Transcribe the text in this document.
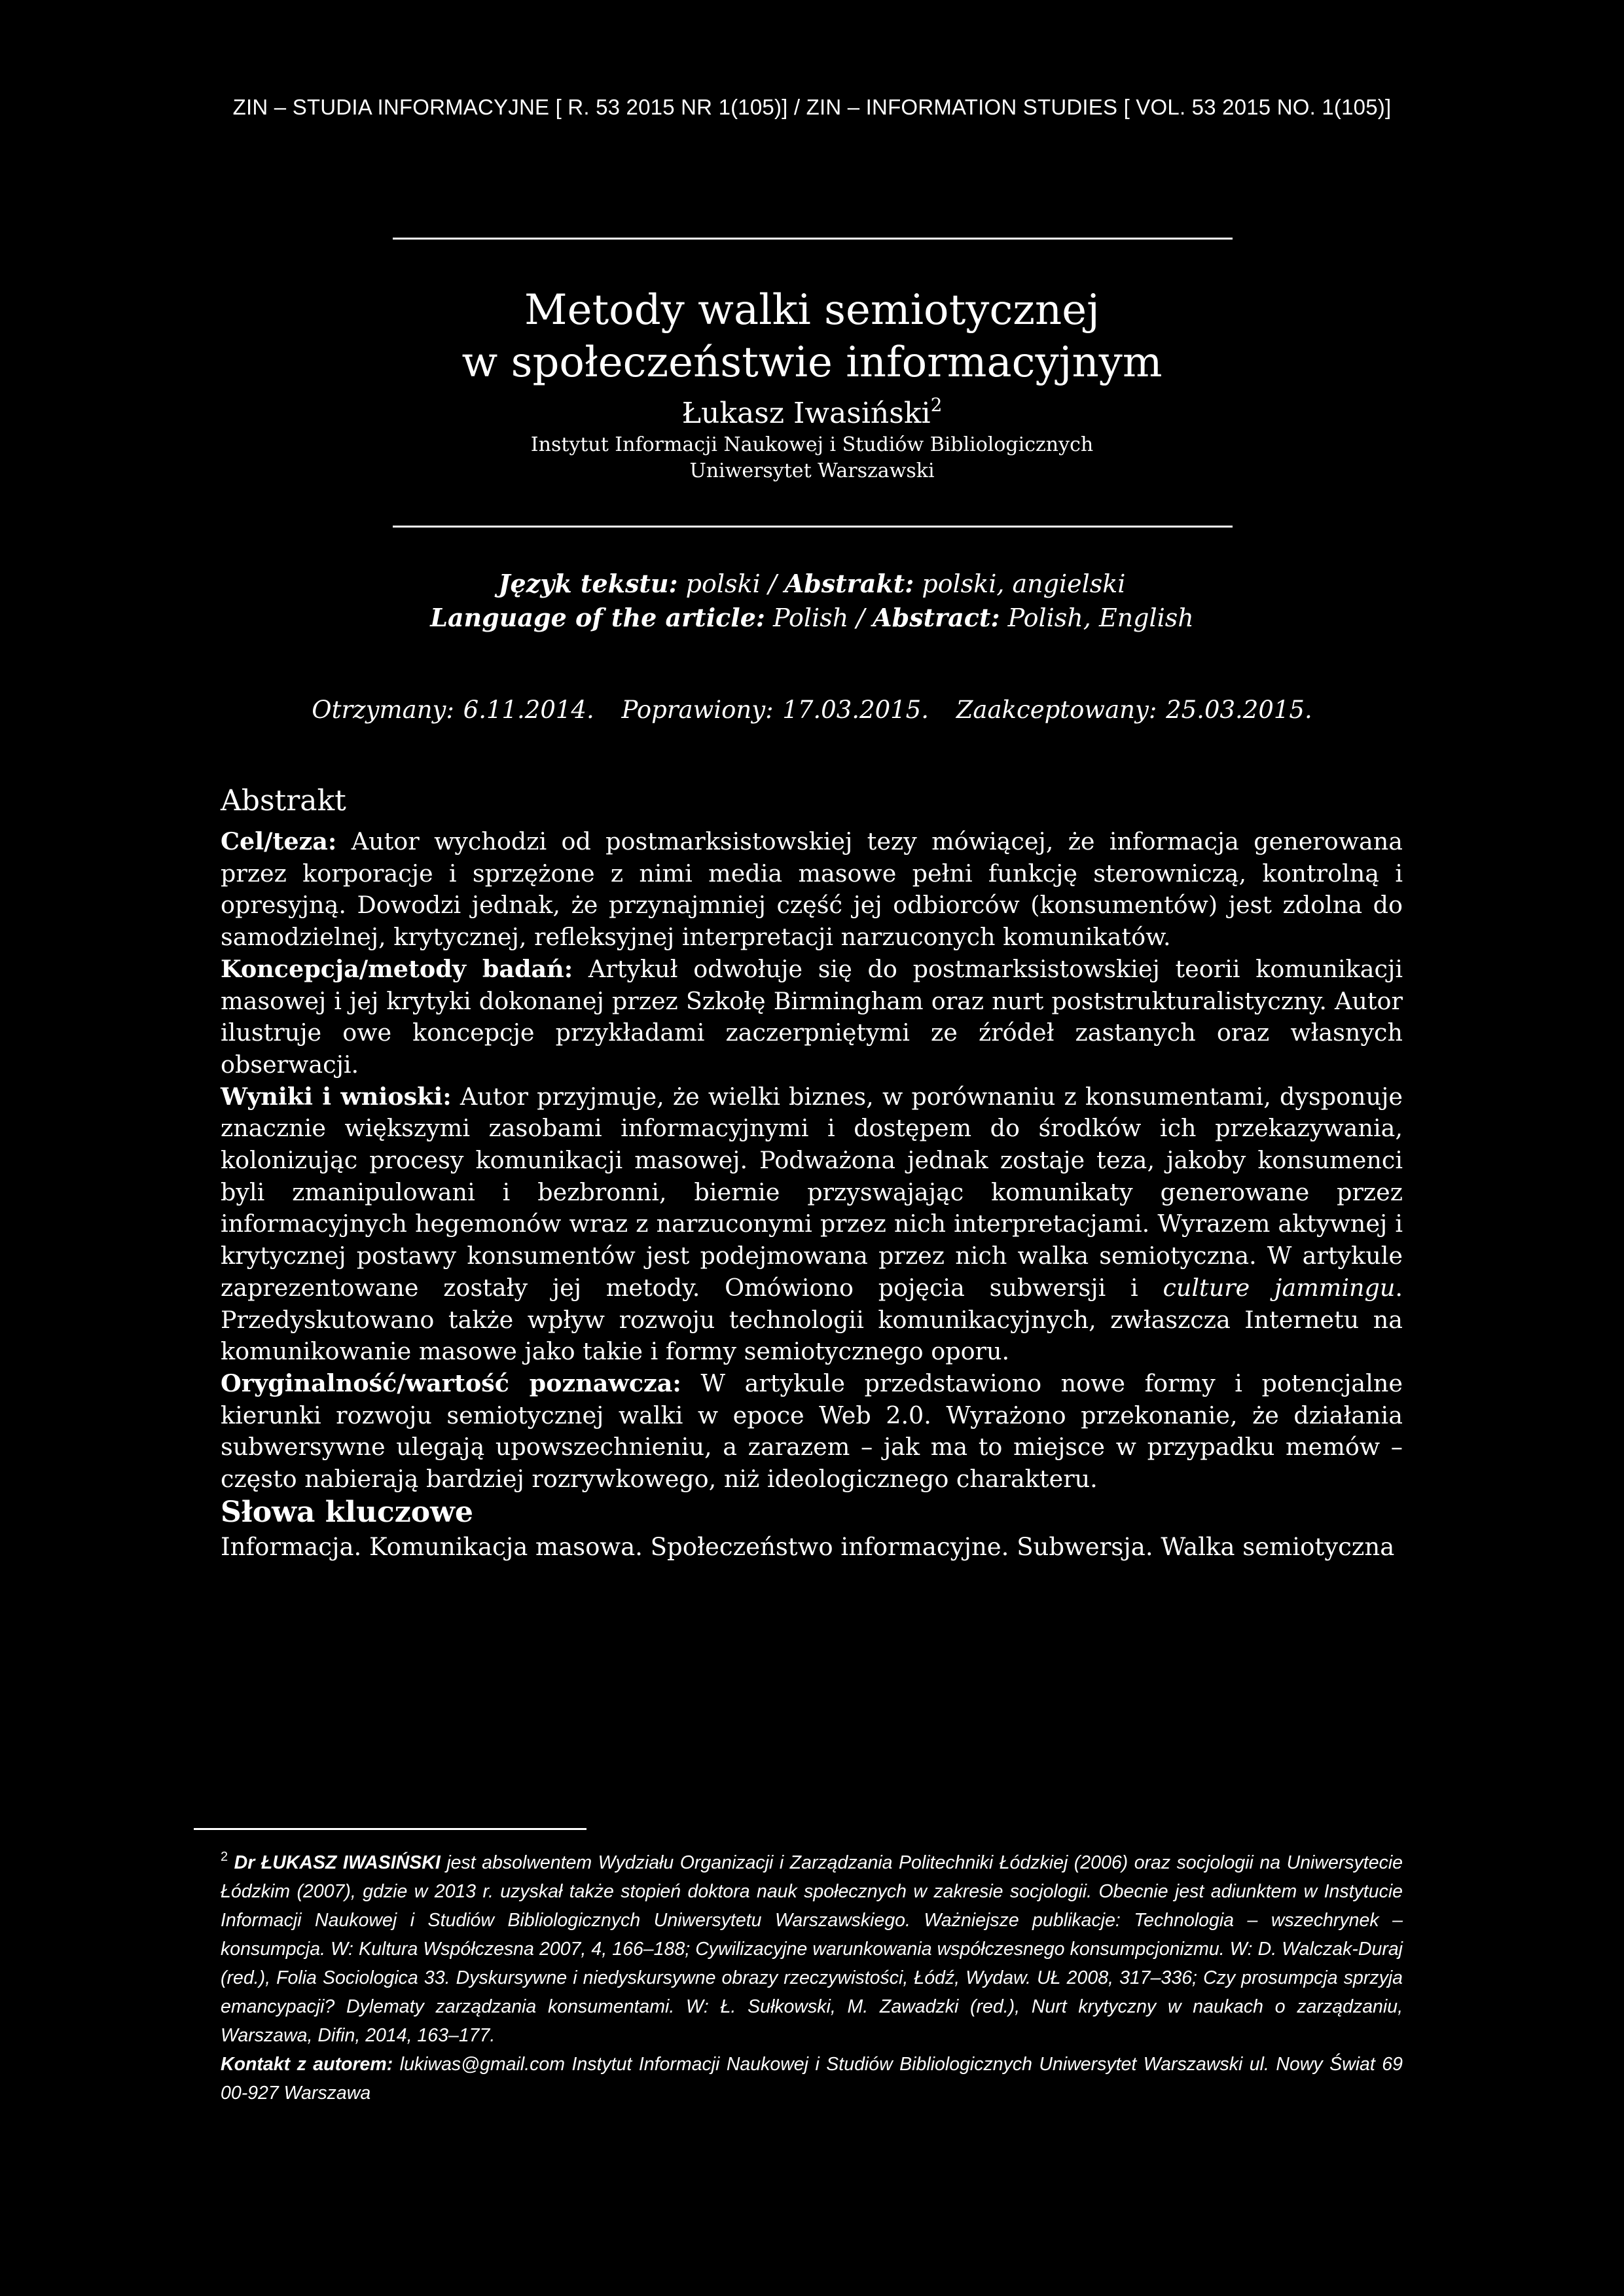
ZIN – STUDIA INFORMACYJNE [ R. 53 2015 NR 1(105)] / ZIN – INFORMATION STUDIES [ VOL. 53 2015 NO. 1(105)]
Metody walki semiotycznej
w społeczeństwie informacyjnym
Łukasz Iwasiński$^2$
Instytut Informacji Naukowej i Studiów Bibliologicznych
Uniwersytet Warszawski
Język tekstu: polski / Abstrakt: polski, angielski
Language of the article: Polish / Abstract: Polish, English
Otrzymany: 6.11.2014. Poprawiony: 17.03.2015. Zaakceptowany: 25.03.2015.
Abstrakt

Cel/teza: Autor wychodzi od postmarksistowskiej tezy mówiącej, że informacja generowana przez korporacje i sprzężone z nimi media masowe pełni funkcję sterowniczą, kontrolną i opresyjną. Dowodzi jednak, że przynajmniej część jej odbiorców (konsumentów) jest zdolna do samodzielnej, krytycznej, refleksyjnej interpretacji narzuconych komunikatów.

Koncepcja/metody badań: Artykuł odwołuje się do postmarksistowskiej teorii komunikacji masowej i jej krytyki dokonanej przez Szkołę Birmingham oraz nurt poststrukturalistyczny. Autor ilustruje owe koncepcje przykładami zaczerpniętymi ze źródeł zastanych oraz własnych obserwacji.

Wyniki i wnioski: Autor przyjmuje, że wielki biznes, w porównaniu z konsumentami, dysponuje znacznie większymi zasobami informacyjnymi i dostępem do środków ich przekazywania, kolonizując procesy komunikacji masowej. Podważona jednak zostaje teza, jakoby konsumenci byli zmanipulowani i bezbronni, biernie przyswajając komunikaty generowane przez informacyjnych hegemonów wraz z narzuconymi przez nich interpretacjami. Wyrazem aktywnej i krytycznej postawy konsumentów jest podejmowana przez nich walka semiotyczna. W artykule zaprezentowane zostały jej metody. Omówiono pojęcia subwersji i culture jammingu. Przedyskutowano także wpływ rozwoju technologii komunikacyjnych, zwłaszcza Internetu na komunikowanie masowe jako takie i formy semiotycznego oporu.

Oryginalność/wartość poznawcza: W artykule przedstawiono nowe formy i potencjalne kierunki rozwoju semiotycznej walki w epoce Web 2.0. Wyrażono przekonanie, że działania subwersywne ulegają upowszechnieniu, a zarazem – jak ma to miejsce w przypadku memów – często nabierają bardziej rozrywkowego, niż ideologicznego charakteru.

Słowa kluczowe
Informacja. Komunikacja masowa. Społeczeństwo informacyjne. Subwersja. Walka semiotyczna

$^2$ Dr ŁUKASZ IWASIŃSKI jest absolwentem Wydziału Organizacji i Zarządzania Politechniki Łódzkiej (2006) oraz socjologii na Uniwersytecie Łódzkim (2007), gdzie w 2013 r. uzyskał także stopień doktora nauk społecznych w zakresie socjologii. Obecnie jest adiunktem w Instytucie Informacji Naukowej i Studiów Bibliologicznych Uniwersytetu Warszawskiego. Ważniejsze publikacje: Technologia – wszechrynek – konsumpcja. W: Kultura Współczesna 2007, 4, 166–188; Cywilizacyjne warunkowania współczesnego konsumpcjonizmu. W: D. Walczak-Duraj (red.), Folia Sociologica 33. Dyskursywne i niedyskursywne obrazy rzeczywistości, Łódź, Wydaw. UŁ 2008, 317–336; Czy prosumpcja sprzyja emancypacji? Dylematy zarządzania konsumentami. W: Ł. Sułkowski, M. Zawadzki (red.), Nurt krytyczny w naukach o zarządzaniu, Warszawa, Difin, 2014, 163–177.

Kontakt z autorem: lukiwas@gmail.com Instytut Informacji Naukowej i Studiów Bibliologicznych Uniwersytet Warszawski ul. Nowy Świat 69 00-927 Warszawa
